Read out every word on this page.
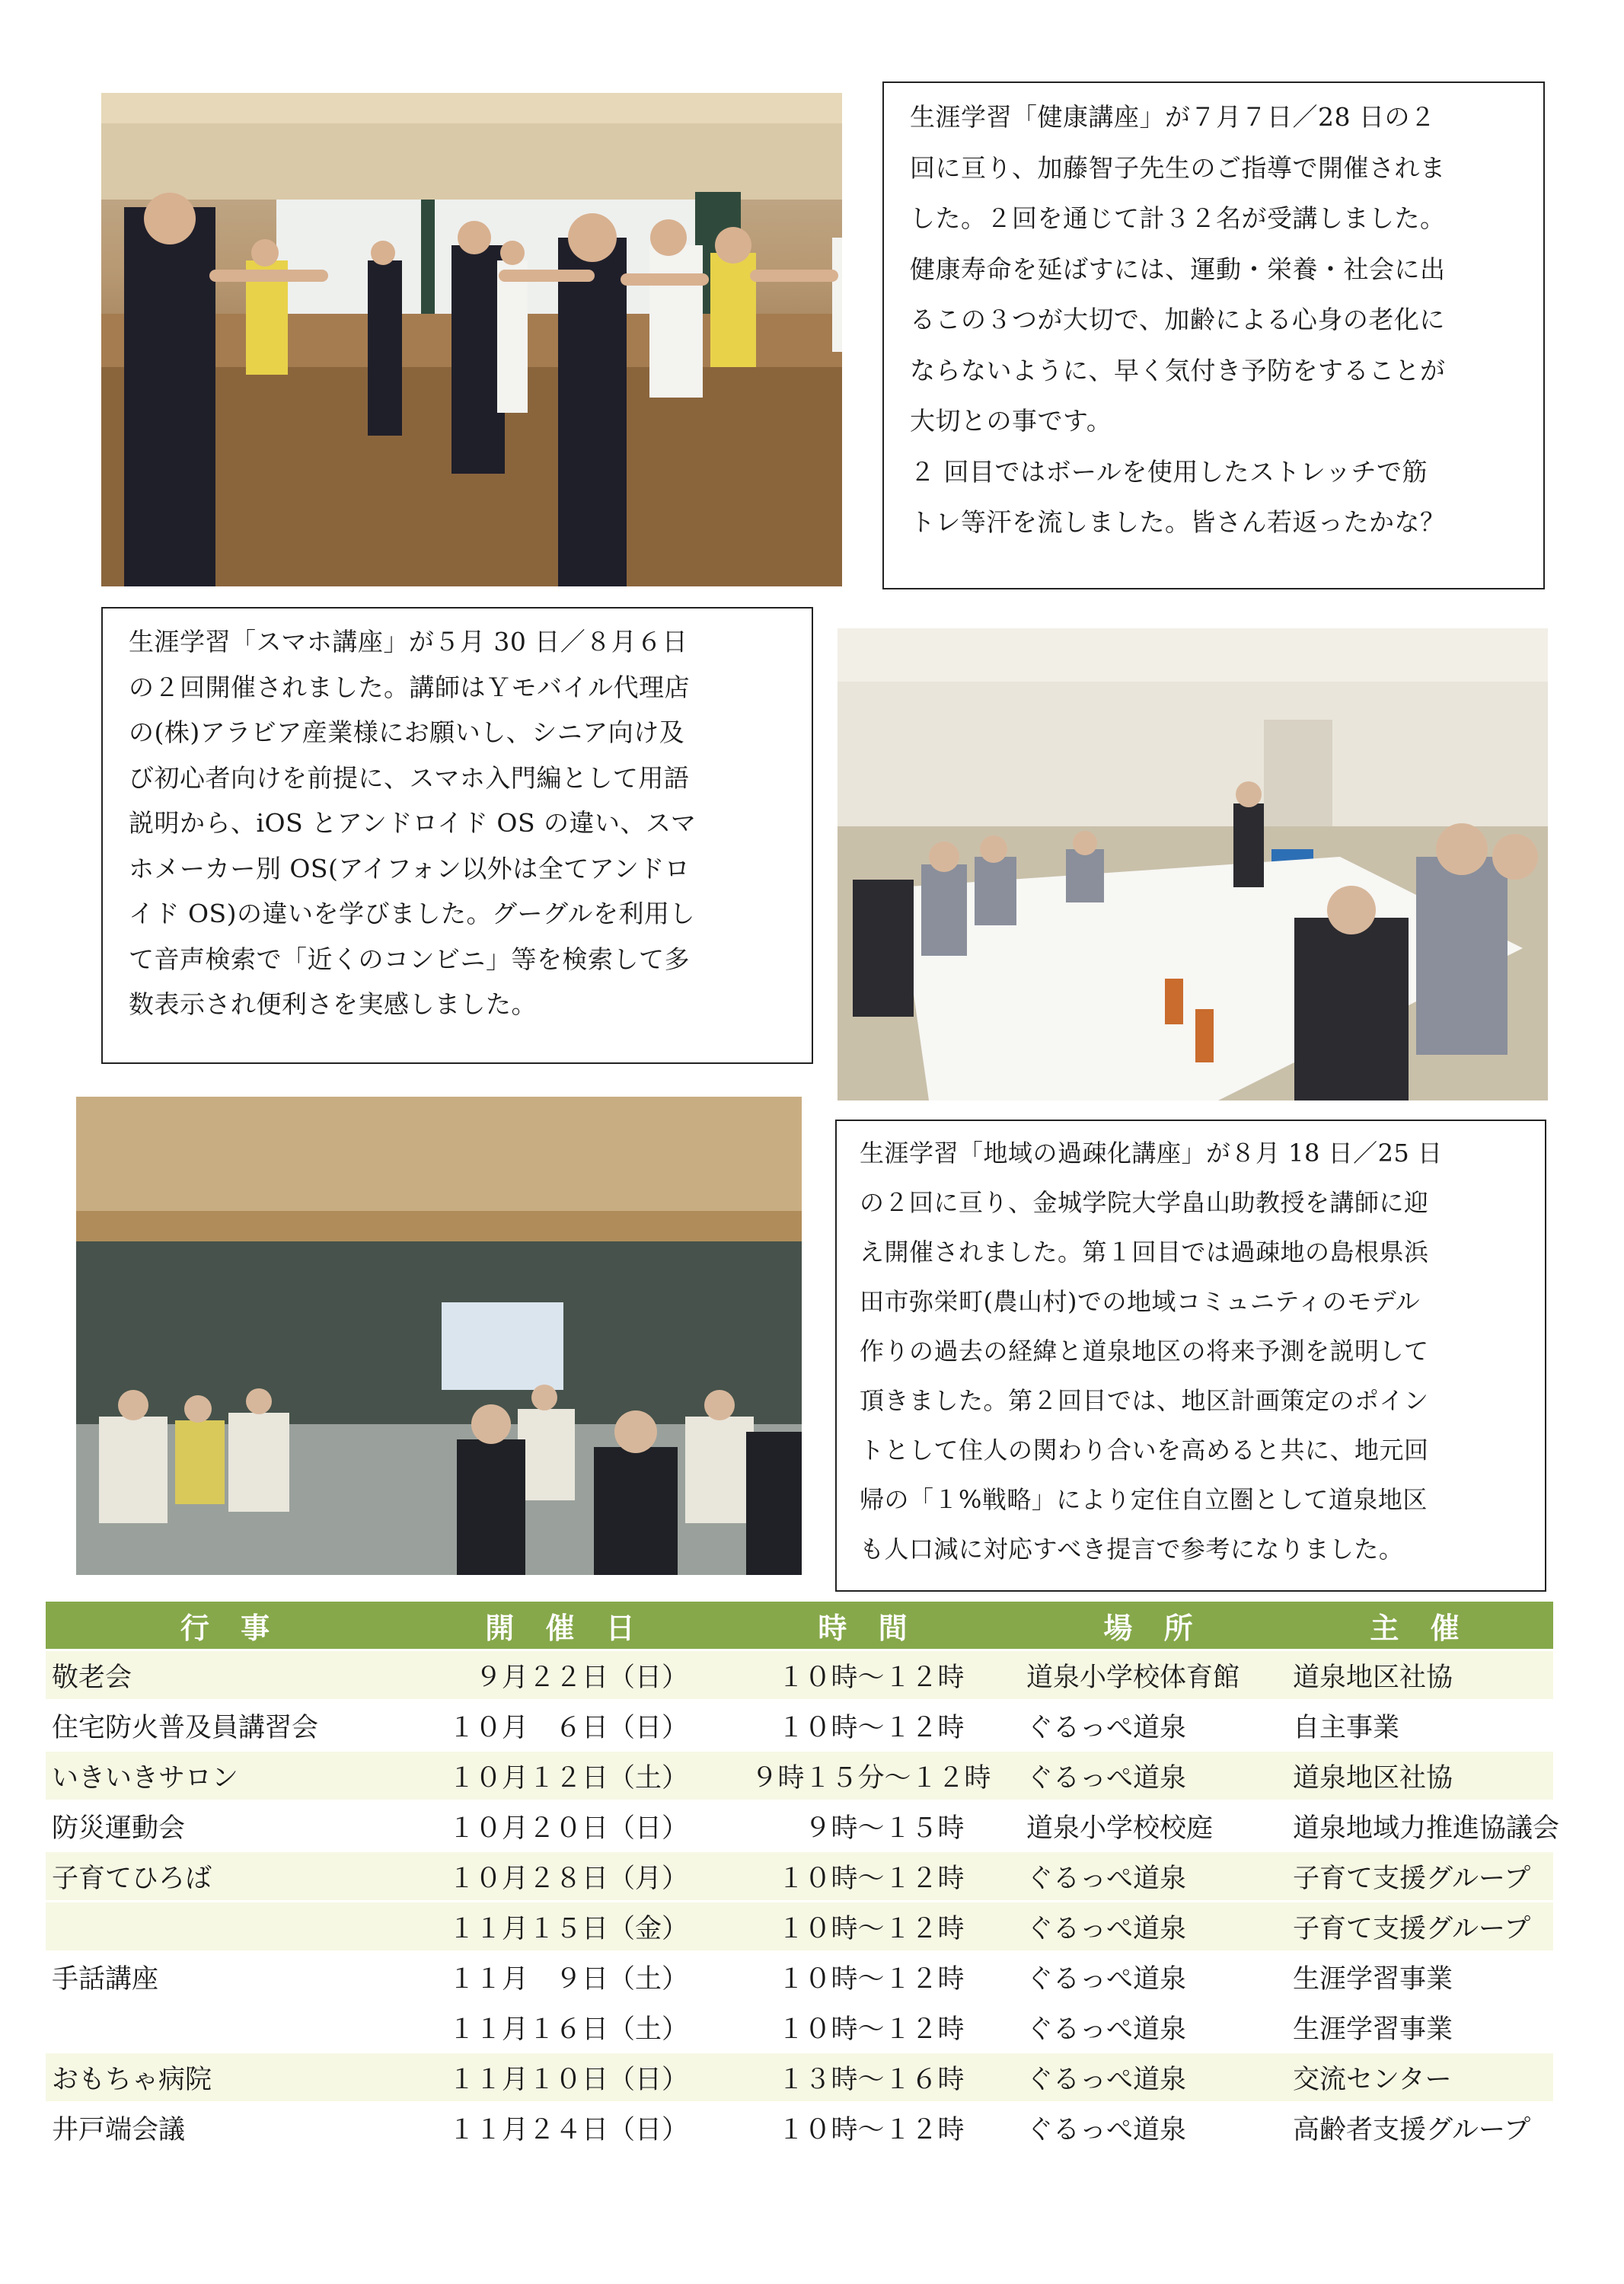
生涯学習「健康講座」が７月７日／28 日の２

回に亘り、加藤智子先生のご指導で開催されま

した。２回を通じて計３２名が受講しました。

健康寿命を延ばすには、運動・栄養・社会に出

るこの３つが大切で、加齢による心身の老化に

ならないように、早く気付き予防をすることが

大切との事です。

２ 回目ではボールを使用したストレッチで筋

トレ等汗を流しました。皆さん若返ったかな？

生涯学習「スマホ講座」が５月 30 日／８月６日

の２回開催されました。講師はＹモバイル代理店

の(株)アラビア産業様にお願いし、シニア向け及

び初心者向けを前提に、スマホ入門編として用語

説明から、iOS とアンドロイド OS の違い、スマ

ホメーカー別 OS(アイフォン以外は全てアンドロ

イド OS)の違いを学びました。グーグルを利用し

て音声検索で「近くのコンビニ」等を検索して多

数表示され便利さを実感しました。

生涯学習「地域の過疎化講座」が８月 18 日／25 日

の２回に亘り、金城学院大学畠山助教授を講師に迎

え開催されました。第１回目では過疎地の島根県浜

田市弥栄町(農山村)での地域コミュニティのモデル

作りの過去の経緯と道泉地区の将来予測を説明して

頂きました。第２回目では、地区計画策定のポイン

トとして住人の関わり合いを高めると共に、地元回

帰の「１%戦略」により定住自立圏として道泉地区

も人口減に対応すべき提言で参考になりました。

行 事	開 催 日	時 間	場 所	主 催
敬老会	　９月２２日（日）	１０時～１２時	道泉小学校体育館	道泉地区社協
住宅防火普及員講習会	１０月　６日（日）	１０時～１２時	ぐるっぺ道泉	自主事業
いきいきサロン	１０月１２日（土）	９時１５分～１２時	ぐるっぺ道泉	道泉地区社協
防災運動会	１０月２０日（日）	　９時～１５時	道泉小学校校庭	道泉地域力推進協議会
子育てひろば	１０月２８日（月）	１０時～１２時	ぐるっぺ道泉	子育て支援グループ
	１１月１５日（金）	１０時～１２時	ぐるっぺ道泉	子育て支援グループ
手話講座	１１月　９日（土）	１０時～１２時	ぐるっぺ道泉	生涯学習事業
	１１月１６日（土）	１０時～１２時	ぐるっぺ道泉	生涯学習事業
おもちゃ病院	１１月１０日（日）	１３時～１６時	ぐるっぺ道泉	交流センター
井戸端会議	１１月２４日（日）	１０時～１２時	ぐるっぺ道泉	高齢者支援グループ
